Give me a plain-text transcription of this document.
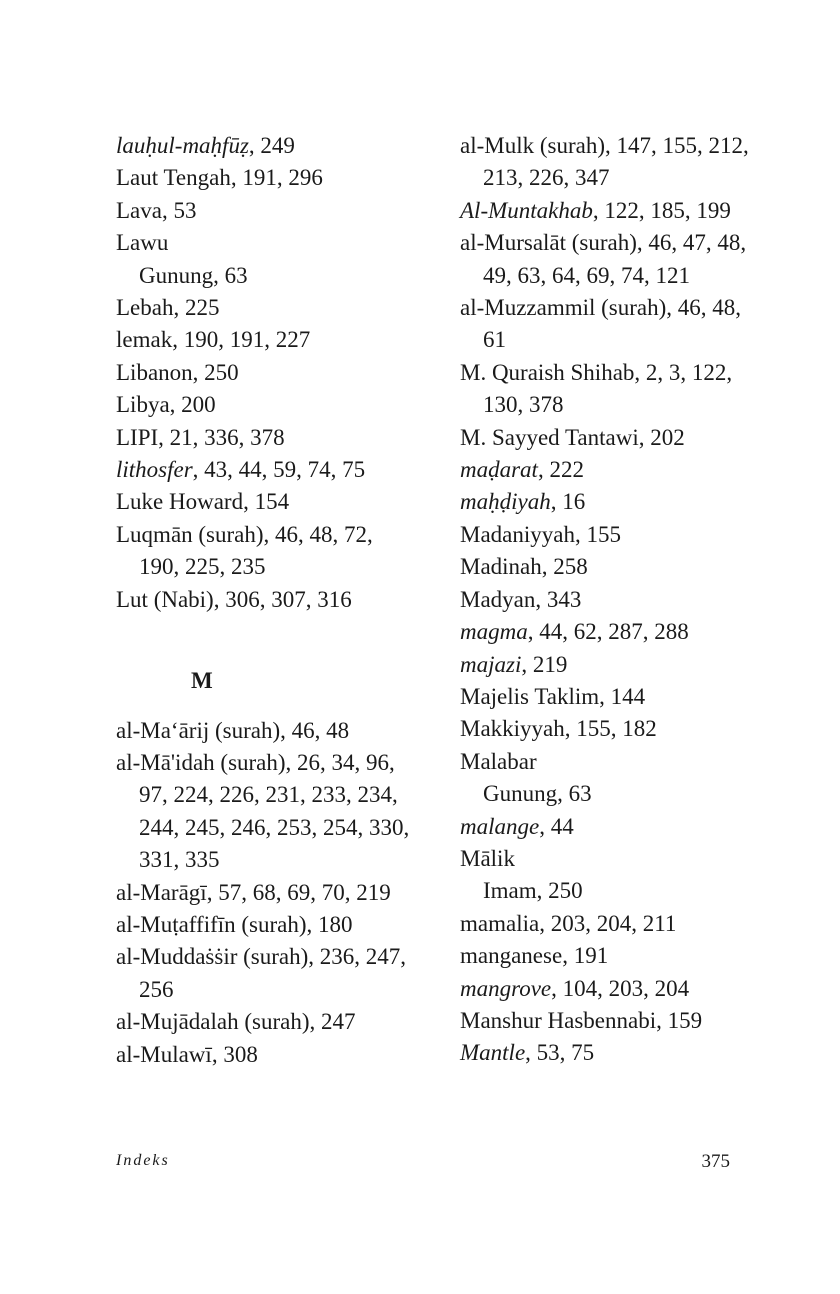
lauḥul-maḥfūẓ, 249
Laut Tengah, 191, 296
Lava, 53
Lawu
Gunung, 63
Lebah, 225
lemak, 190, 191, 227
Libanon, 250
Libya, 200
LIPI, 21, 336, 378
lithosfer, 43, 44, 59, 74, 75
Luke Howard, 154
Luqmān (surah), 46, 48, 72, 190, 225, 235
Lut (Nabi), 306, 307, 316
M
al-Ma‘ārij (surah), 46, 48
al-Mā'idah (surah), 26, 34, 96, 97, 224, 226, 231, 233, 234, 244, 245, 246, 253, 254, 330, 331, 335
al-Marāgī, 57, 68, 69, 70, 219
al-Muṭaffifīn (surah), 180
al-Muddaṡṡir (surah), 236, 247, 256
al-Mujādalah (surah), 247
al-Mulawī, 308
al-Mulk (surah), 147, 155, 212, 213, 226, 347
Al-Muntakhab, 122, 185, 199
al-Mursalāt (surah), 46, 47, 48, 49, 63, 64, 69, 74, 121
al-Muzzammil (surah), 46, 48, 61
M. Quraish Shihab, 2, 3, 122, 130, 378
M. Sayyed Tantawi, 202
maḍarat, 222
maḥḍiyah, 16
Madaniyyah, 155
Madinah, 258
Madyan, 343
magma, 44, 62, 287, 288
majazi, 219
Majelis Taklim, 144
Makkiyyah, 155, 182
Malabar
Gunung, 63
malange, 44
Mālik
Imam, 250
mamalia, 203, 204, 211
manganese, 191
mangrove, 104, 203, 204
Manshur Hasbennabi, 159
Mantle, 53, 75
Indeks	375
